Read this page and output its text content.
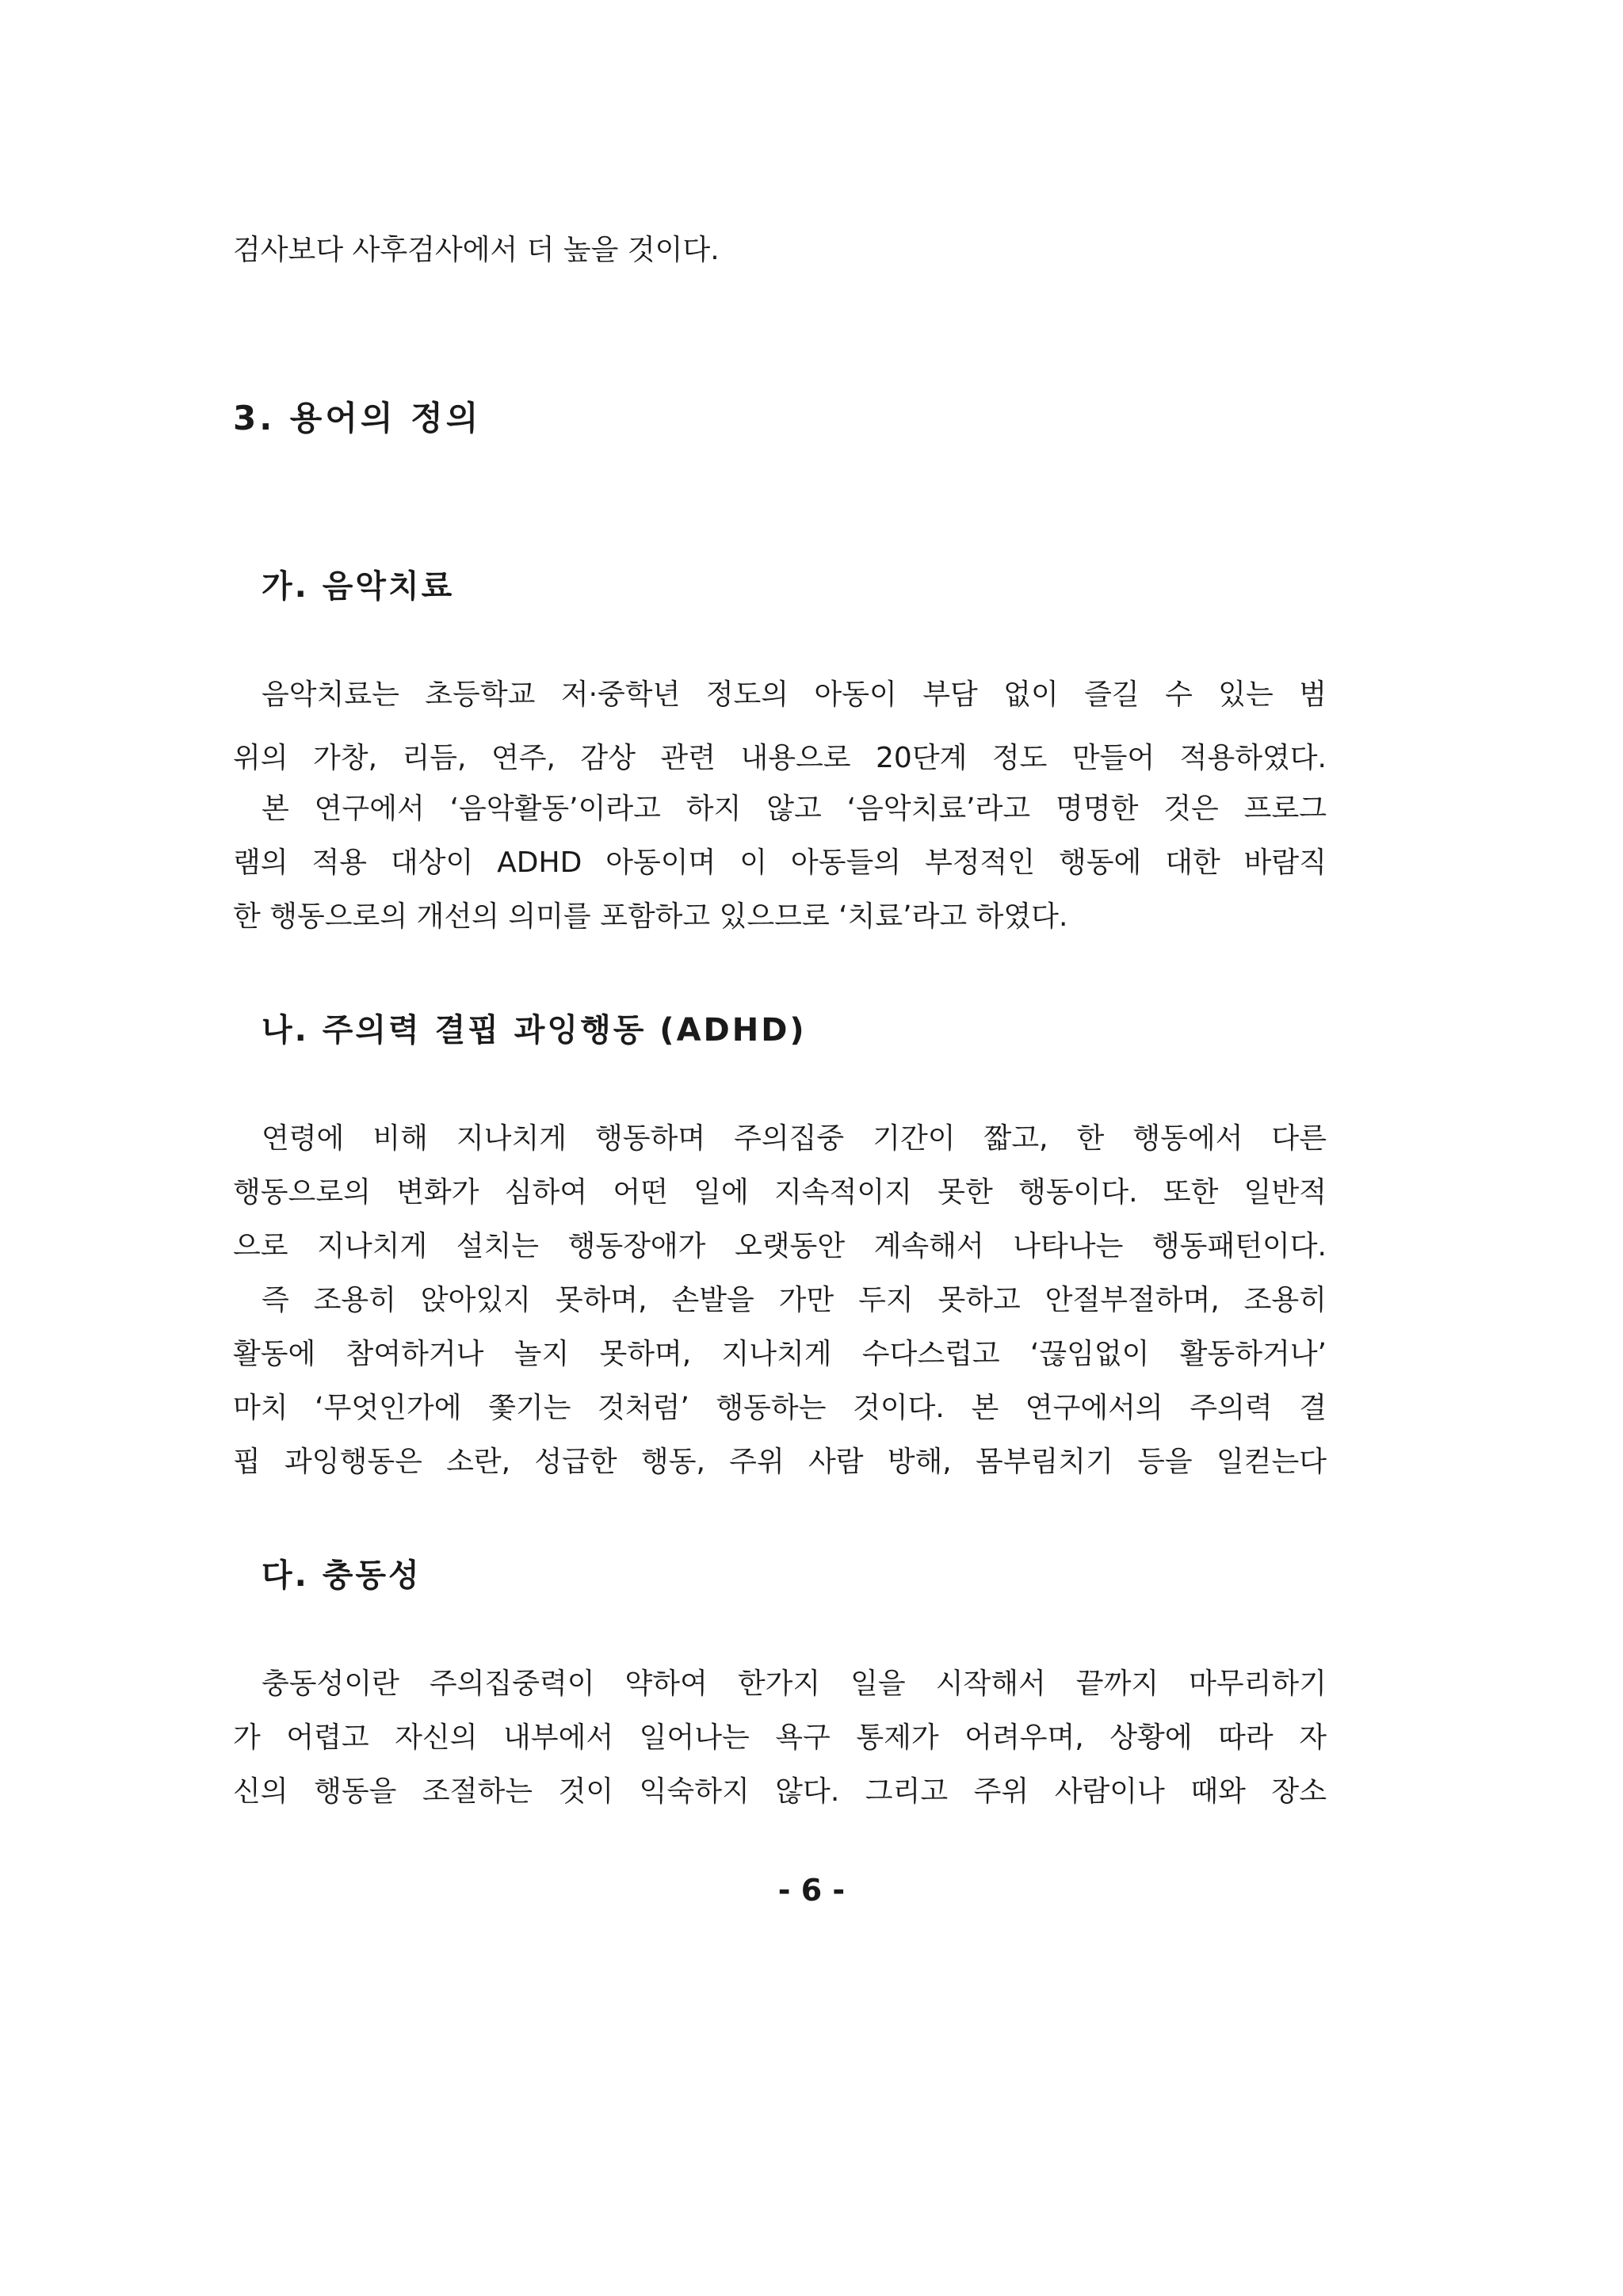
검사보다 사후검사에서 더 높을 것이다.
3. 용어의 정의
가. 음악치료
음악치료는 초등학교 저·중학년 정도의 아동이 부담 없이 즐길 수 있는 범
위의 가창, 리듬, 연주, 감상 관련 내용으로 20단계 정도 만들어 적용하였다.
본 연구에서 ‘음악활동’이라고 하지 않고 ‘음악치료’라고 명명한 것은 프로그
램의 적용 대상이 ADHD 아동이며 이 아동들의 부정적인 행동에 대한 바람직
한 행동으로의 개선의 의미를 포함하고 있으므로 ‘치료’라고 하였다.
나. 주의력 결핍 과잉행동 (ADHD)
연령에 비해 지나치게 행동하며 주의집중 기간이 짧고, 한 행동에서 다른
행동으로의 변화가 심하여 어떤 일에 지속적이지 못한 행동이다. 또한 일반적
으로 지나치게 설치는 행동장애가 오랫동안 계속해서 나타나는 행동패턴이다.
즉 조용히 앉아있지 못하며, 손발을 가만 두지 못하고 안절부절하며, 조용히
활동에 참여하거나 놀지 못하며, 지나치게 수다스럽고 ‘끊임없이 활동하거나’
마치 ‘무엇인가에 쫓기는 것처럼’ 행동하는 것이다. 본 연구에서의 주의력 결
핍 과잉행동은 소란, 성급한 행동, 주위 사람 방해, 몸부림치기 등을 일컫는다
다. 충동성
충동성이란 주의집중력이 약하여 한가지 일을 시작해서 끝까지 마무리하기
가 어렵고 자신의 내부에서 일어나는 욕구 통제가 어려우며, 상황에 따라 자
신의 행동을 조절하는 것이 익숙하지 않다. 그리고 주위 사람이나 때와 장소
- 6 -
